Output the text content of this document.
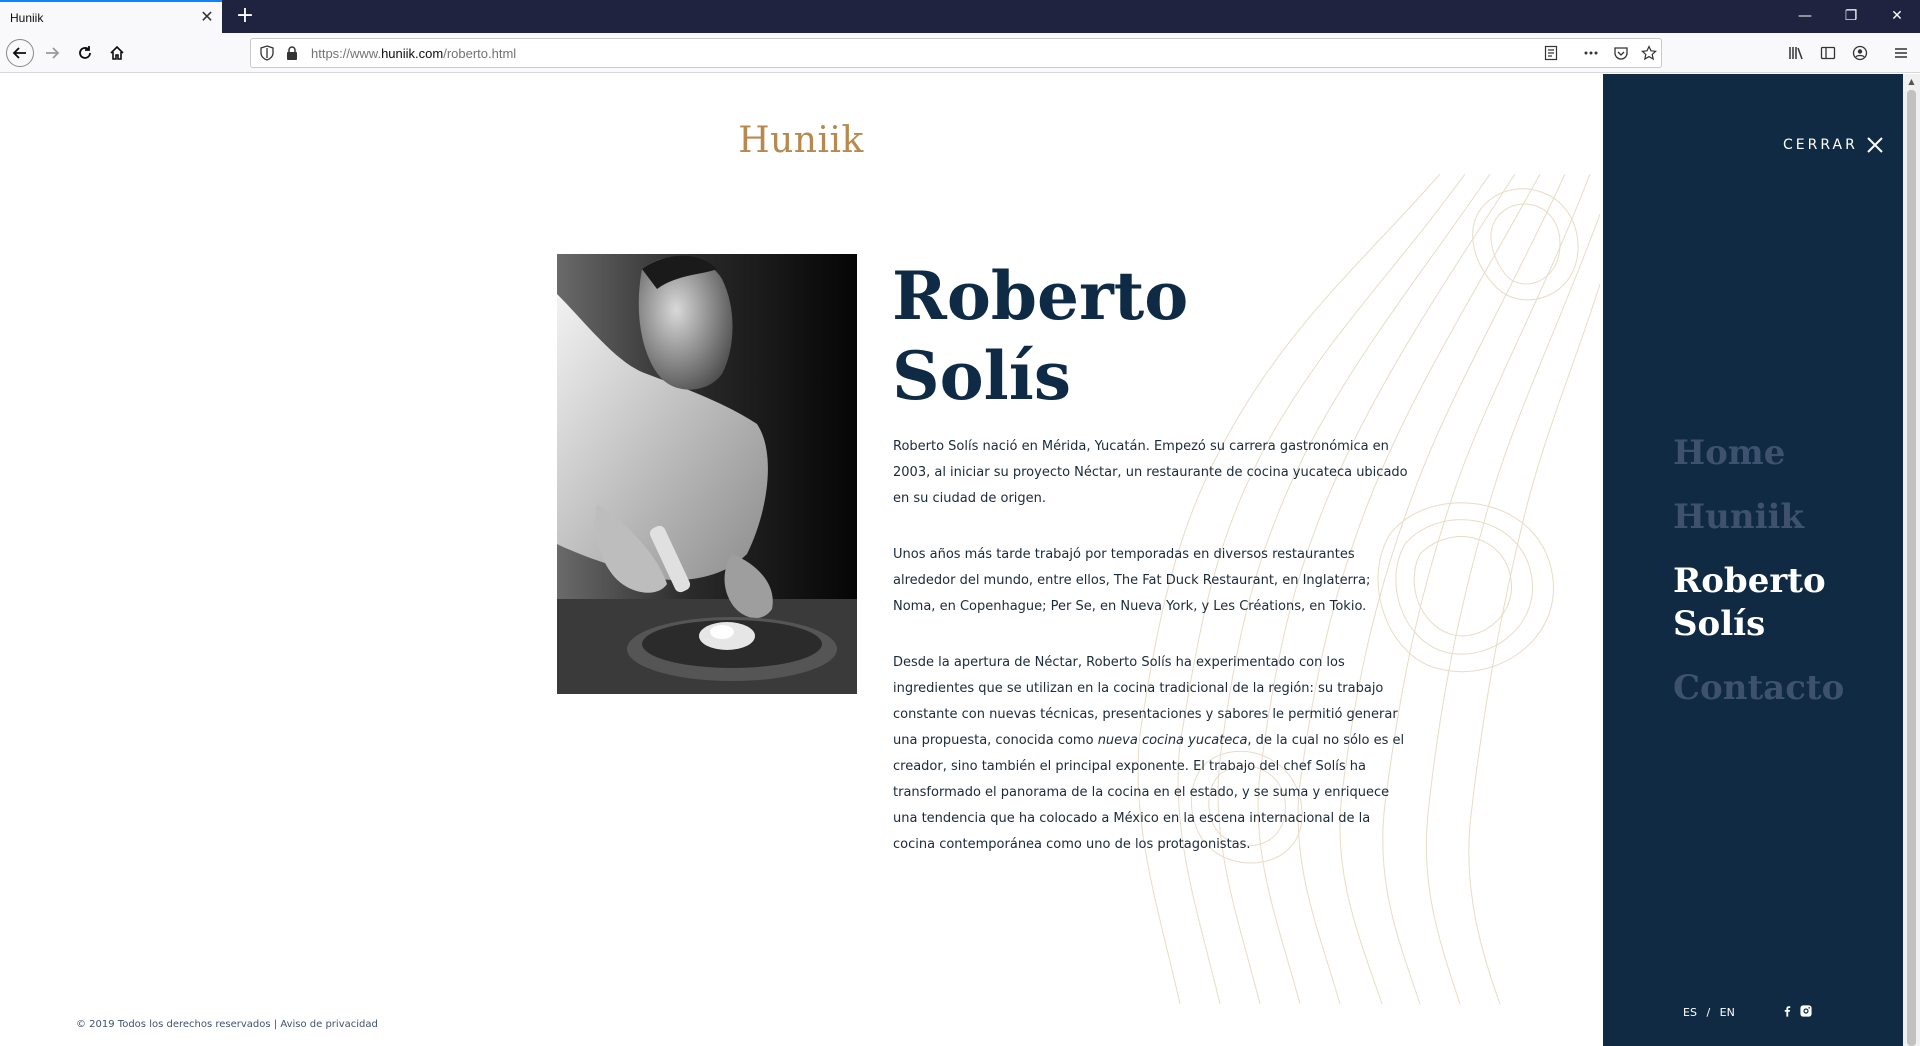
Huniik	✕ +	—	❐	✕
https://www.huniik.com/roberto.html
Huniik
Roberto
Solís

Roberto Solís nació en Mérida, Yucatán. Empezó su carrera gastronómica en 2003, al iniciar su proyecto Néctar, un restaurante de cocina yucateca ubicado en su ciudad de origen.

Unos años más tarde trabajó por temporadas en diversos restaurantes alrededor del mundo, entre ellos, The Fat Duck Restaurant, en Inglaterra; Noma, en Copenhague; Per Se, en Nueva York, y Les Créations, en Tokio.

Desde la apertura de Néctar, Roberto Solís ha experimentado con los ingredientes que se utilizan en la cocina tradicional de la región: su trabajo constante con nuevas técnicas, presentaciones y sabores le permitió generar una propuesta, conocida como nueva cocina yucateca, de la cual no sólo es el creador, sino también el principal exponente. El trabajo del chef Solís ha transformado el panorama de la cocina en el estado, y se suma y enriquece una tendencia que ha colocado a México en la escena internacional de la cocina contemporánea como uno de los protagonistas.

© 2019 Todos los derechos reservados | Aviso de privacidad
CERRAR
Home
Huniik
Roberto
Solís
Contacto
ES / EN
▲
